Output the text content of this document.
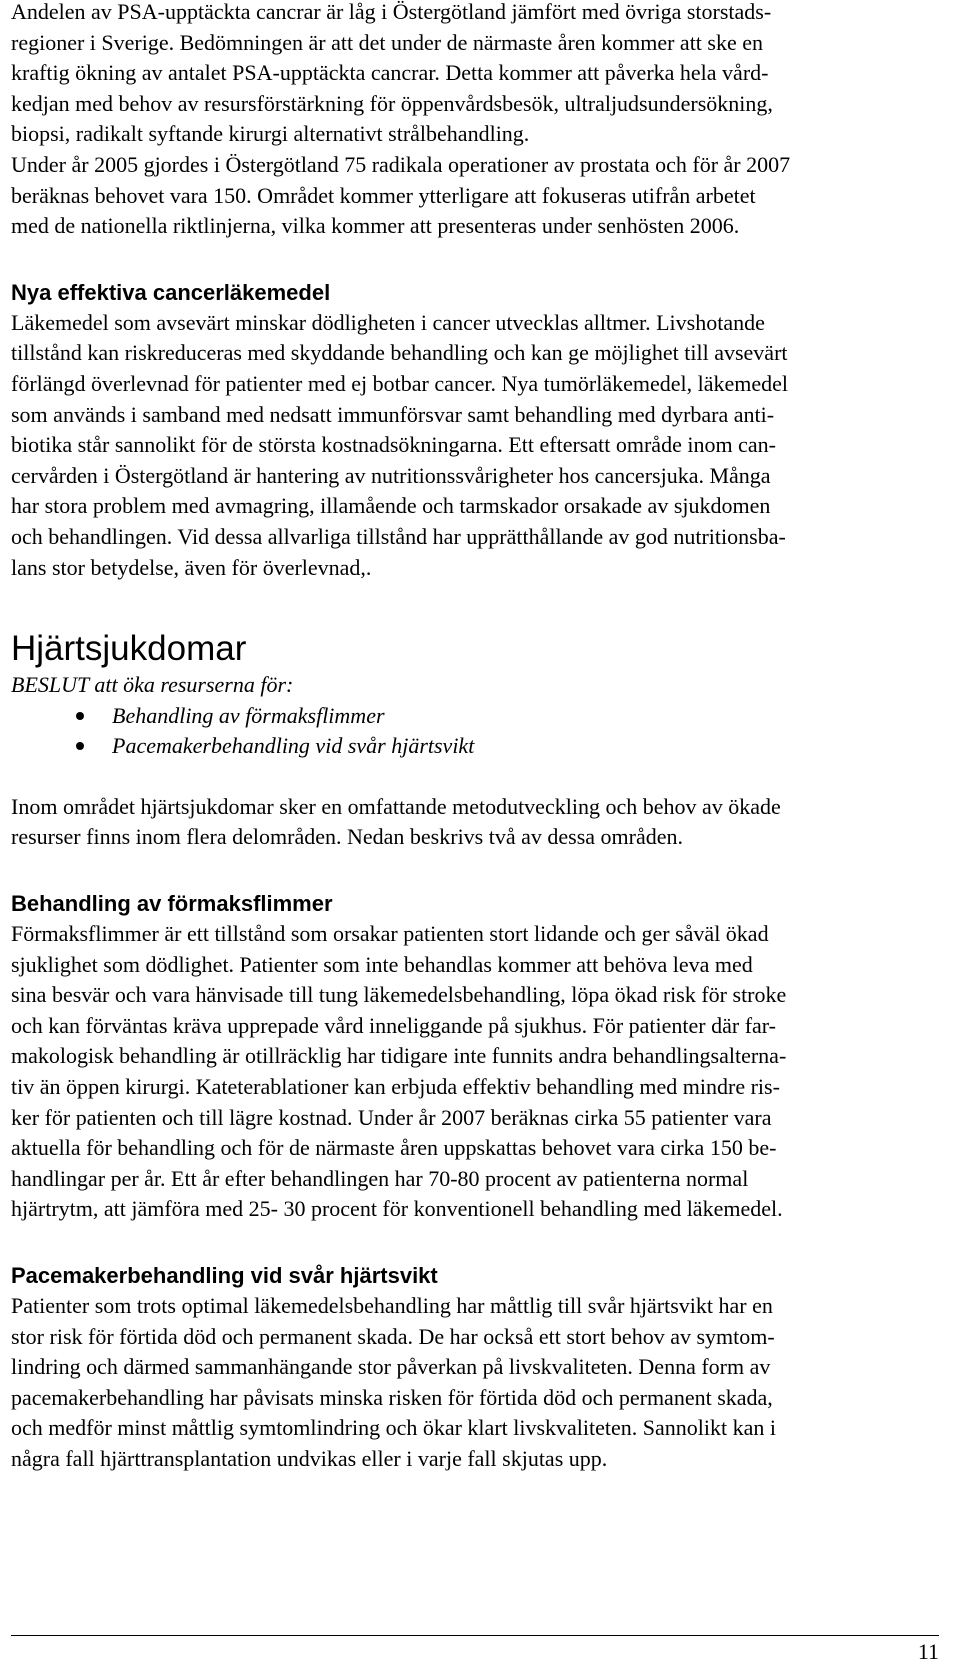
Andelen av PSA-upptäckta cancrar är låg i Östergötland jämfört med övriga storstads-

regioner i Sverige. Bedömningen är att det under de närmaste åren kommer att ske en

kraftig ökning av antalet PSA-upptäckta cancrar. Detta kommer att påverka hela vård-

kedjan med behov av resursförstärkning för öppenvårdsbesök, ultraljudsundersökning,

biopsi, radikalt syftande kirurgi alternativt strålbehandling.

Under år 2005 gjordes i Östergötland 75 radikala operationer av prostata och för år 2007

beräknas behovet vara 150. Området kommer ytterligare att fokuseras utifrån arbetet

med de nationella riktlinjerna, vilka kommer att presenteras under senhösten 2006.

Nya effektiva cancerläkemedel

Läkemedel som avsevärt minskar dödligheten i cancer utvecklas alltmer. Livshotande

tillstånd kan riskreduceras med skyddande behandling och kan ge möjlighet till avsevärt

förlängd överlevnad för patienter med ej botbar cancer. Nya tumörläkemedel, läkemedel

som används i samband med nedsatt immunförsvar samt behandling med dyrbara anti-

biotika står sannolikt för de största kostnadsökningarna. Ett eftersatt område inom can-

cervården i Östergötland är hantering av nutritionssvårigheter hos cancersjuka. Många

har stora problem med avmagring, illamående och tarmskador orsakade av sjukdomen

och behandlingen. Vid dessa allvarliga tillstånd har upprätthållande av god nutritionsba-

lans stor betydelse, även för överlevnad,.

Hjärtsjukdomar

BESLUT att öka resurserna för:

Behandling av förmaksflimmer
Pacemakerbehandling vid svår hjärtsvikt

Inom området hjärtsjukdomar sker en omfattande metodutveckling och behov av ökade

resurser finns inom flera delområden. Nedan beskrivs två av dessa områden.

Behandling av förmaksflimmer

Förmaksflimmer är ett tillstånd som orsakar patienten stort lidande och ger såväl ökad

sjuklighet som dödlighet. Patienter som inte behandlas kommer att behöva leva med

sina besvär och vara hänvisade till tung läkemedelsbehandling, löpa ökad risk för stroke

och kan förväntas kräva upprepade vård inneliggande på sjukhus. För patienter där far-

makologisk behandling är otillräcklig har tidigare inte funnits andra behandlingsalterna-

tiv än öppen kirurgi. Kateterablationer kan erbjuda effektiv behandling med mindre ris-

ker för patienten och till lägre kostnad. Under år 2007 beräknas cirka 55 patienter vara

aktuella för behandling och för de närmaste åren uppskattas behovet vara cirka 150 be-

handlingar per år. Ett år efter behandlingen har 70-80 procent av patienterna normal

hjärtrytm, att jämföra med 25- 30 procent för konventionell behandling med läkemedel.

Pacemakerbehandling vid svår hjärtsvikt

Patienter som trots optimal läkemedelsbehandling har måttlig till svår hjärtsvikt har en

stor risk för förtida död och permanent skada. De har också ett stort behov av symtom-

lindring och därmed sammanhängande stor påverkan på livskvaliteten. Denna form av

pacemakerbehandling har påvisats minska risken för förtida död och permanent skada,

och medför minst måttlig symtomlindring och ökar klart livskvaliteten. Sannolikt kan i

några fall hjärttransplantation undvikas eller i varje fall skjutas upp.

11
